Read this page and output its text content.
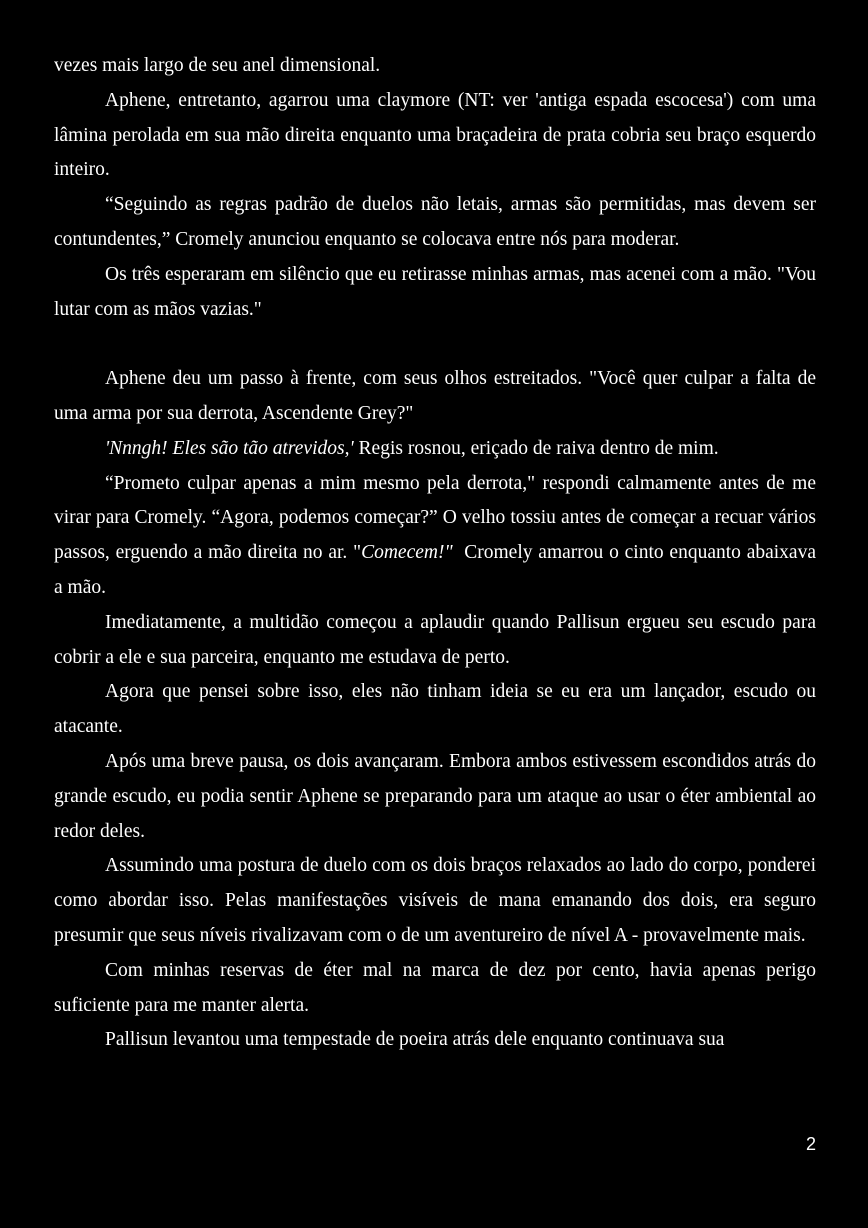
vezes mais largo de seu anel dimensional.

Aphene, entretanto, agarrou uma claymore (NT: ver 'antiga espada escocesa') com uma lâmina perolada em sua mão direita enquanto uma braçadeira de prata cobria seu braço esquerdo inteiro.

“Seguindo as regras padrão de duelos não letais, armas são permitidas, mas devem ser contundentes,” Cromely anunciou enquanto se colocava entre nós para moderar.

Os três esperaram em silêncio que eu retirasse minhas armas, mas acenei com a mão. "Vou lutar com as mãos vazias."

Aphene deu um passo à frente, com seus olhos estreitados. "Você quer culpar a falta de uma arma por sua derrota, Ascendente Grey?"

'Nnngh! Eles são tão atrevidos,' Regis rosnou, eriçado de raiva dentro de mim.

“Prometo culpar apenas a mim mesmo pela derrota," respondi calmamente antes de me virar para Cromely. “Agora, podemos começar?” O velho tossiu antes de começar a recuar vários passos, erguendo a mão direita no ar. "Comecem!"  Cromely amarrou o cinto enquanto abaixava a mão.

Imediatamente, a multidão começou a aplaudir quando Pallisun ergueu seu escudo para cobrir a ele e sua parceira, enquanto me estudava de perto.

Agora que pensei sobre isso, eles não tinham ideia se eu era um lançador, escudo ou atacante.

Após uma breve pausa, os dois avançaram. Embora ambos estivessem escondidos atrás do grande escudo, eu podia sentir Aphene se preparando para um ataque ao usar o éter ambiental ao redor deles.

Assumindo uma postura de duelo com os dois braços relaxados ao lado do corpo, ponderei como abordar isso. Pelas manifestações visíveis de mana emanando dos dois, era seguro presumir que seus níveis rivalizavam com o de um aventureiro de nível A - provavelmente mais.

Com minhas reservas de éter mal na marca de dez por cento, havia apenas perigo suficiente para me manter alerta.

Pallisun levantou uma tempestade de poeira atrás dele enquanto continuava sua

2
